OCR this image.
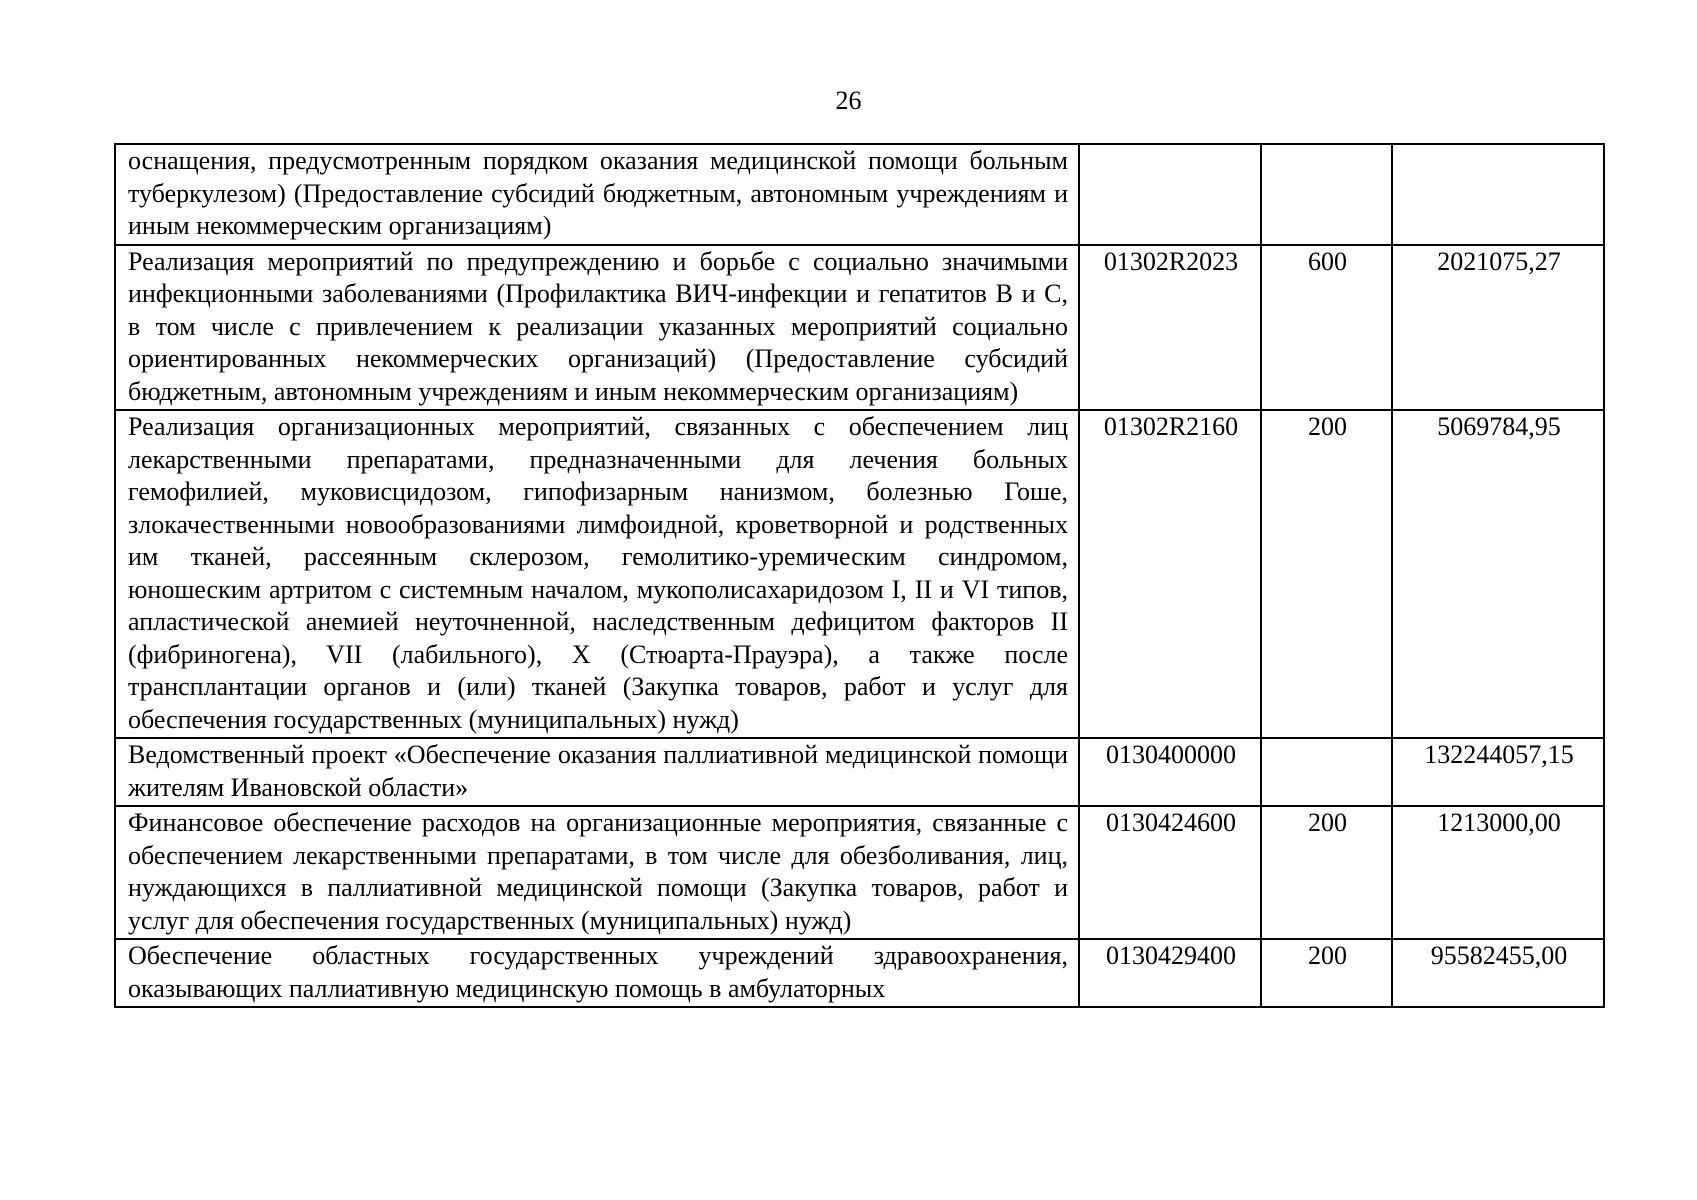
26
оснащения, предусмотренным порядком оказания медицинской помощи больным туберкулезом) (Предоставление субсидий бюджетным, автономным учреждениям и иным некоммерческим организациям)			
Реализация мероприятий по предупреждению и борьбе с социально значимыми инфекционными заболеваниями (Профилактика ВИЧ-инфекции и гепатитов B и C, в том числе с привлечением к реализации указанных мероприятий социально ориентированных некоммерческих организаций) (Предоставление субсидий бюджетным, автономным учреждениям и иным некоммерческим организациям)	01302R2023	600	2021075,27
Реализация организационных мероприятий, связанных с обеспечением лиц лекарственными препаратами, предназначенными для лечения больных гемофилией, муковисцидозом, гипофизарным нанизмом, болезнью Гоше, злокачественными новообразованиями лимфоидной, кроветворной и родственных им тканей, рассеянным склерозом, гемолитико-уремическим синдромом, юношеским артритом с системным началом, мукополисахаридозом I, II и VI типов, апластической анемией неуточненной, наследственным дефицитом факторов II (фибриногена), VII (лабильного), X (Стюарта-Прауэра), а также после трансплантации органов и (или) тканей (Закупка товаров, работ и услуг для обеспечения государственных (муниципальных) нужд)	01302R2160	200	5069784,95
Ведомственный проект «Обеспечение оказания паллиативной медицинской помощи жителям Ивановской области»	0130400000		132244057,15
Финансовое обеспечение расходов на организационные мероприятия, связанные с обеспечением лекарственными препаратами, в том числе для обезболивания, лиц, нуждающихся в паллиативной медицинской помощи (Закупка товаров, работ и услуг для обеспечения государственных (муниципальных) нужд)	0130424600	200	1213000,00
Обеспечение областных государственных учреждений здравоохранения, оказывающих паллиативную медицинскую помощь в амбулаторных	0130429400	200	95582455,00
